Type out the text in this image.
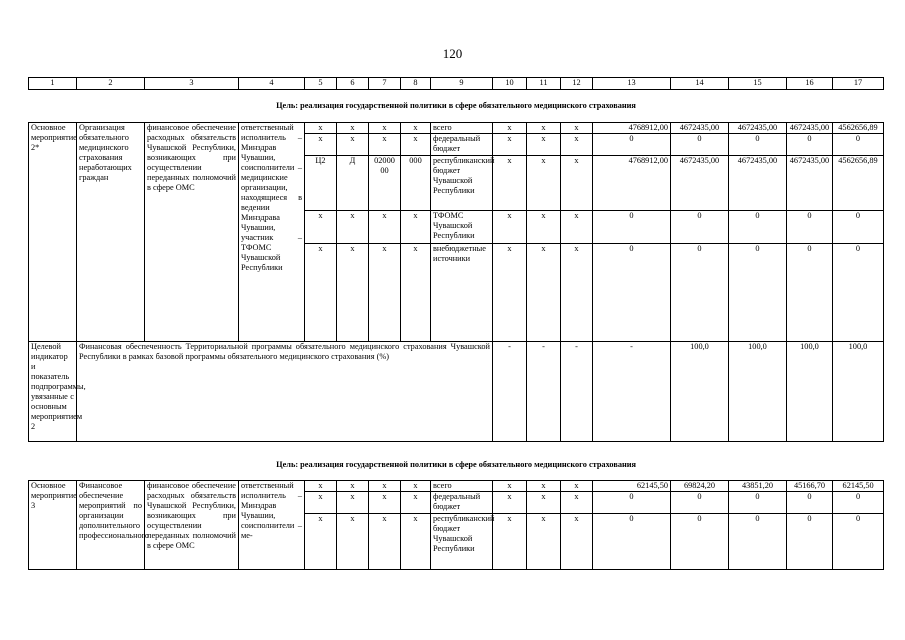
120
1	2	3	4	5	6	7	8	9	10	11	12	13	14	15	16	17
Цель: реализация государственной политики в сфере обязательного медицинского страхования																
Основное мероприятие 2*	Организация обязательного медицинского страхования неработающих граждан	финансовое обеспечение расходных обязательств Чувашской Республики, возникающих при осуществлении переданных полномочий в сфере ОМС	ответственный исполнитель – Минздрав Чувашии, соисполнители – медицинские организации, находящиеся в ведении Минздрава Чувашии, участник – ТФОМС Чувашской Республики	х	х	х	х	всего	х	х	х	4768912,00	4672435,00	4672435,00	4672435,00	4562656,89
				х	х	х	х	федеральный бюджет	х	х	х	0	0	0	0	0
				Ц2	Д	02000 00	000	республиканский бюджет Чувашской Республики	х	х	х	4768912,00	4672435,00	4672435,00	4672435,00	4562656,89
				х	х	х	х	ТФОМС Чувашской Республики	х	х	х	0	0	0	0	0
				х	х	х	х	внебюджетные источники	х	х	х	0	0	0	0	0
Целевой индикатор и показатель подпрограммы, увязанные с основным мероприятием 2	Финансовая обеспеченность Территориальной программы обязательного медицинского страхования Чувашской Республики в рамках базовой программы обязательного медицинского страхования (%)								-	-	-	-	100,0	100,0	100,0	100,0
Цель: реализация государственной политики в сфере обязательного медицинского страхования																

Основное мероприятие 3	Финансовое обеспечение мероприятий по организации дополнительного профессионального	финансовое обеспечение расходных обязательств Чувашской Республики, возникающих при осуществлении переданных полномочий в сфере ОМС	ответственный исполнитель – Минздрав Чувашии, соисполнители – ме-	х	х	х	х	всего	х	х	х	62145,50	69824,20	43851,20	45166,70	62145,50
				х	х	х	х	федеральный бюджет	х	х	х	0	0	0	0	0
				х	х	х	х	республиканский бюджет Чувашской Республики	х	х	х	0	0	0	0	0
